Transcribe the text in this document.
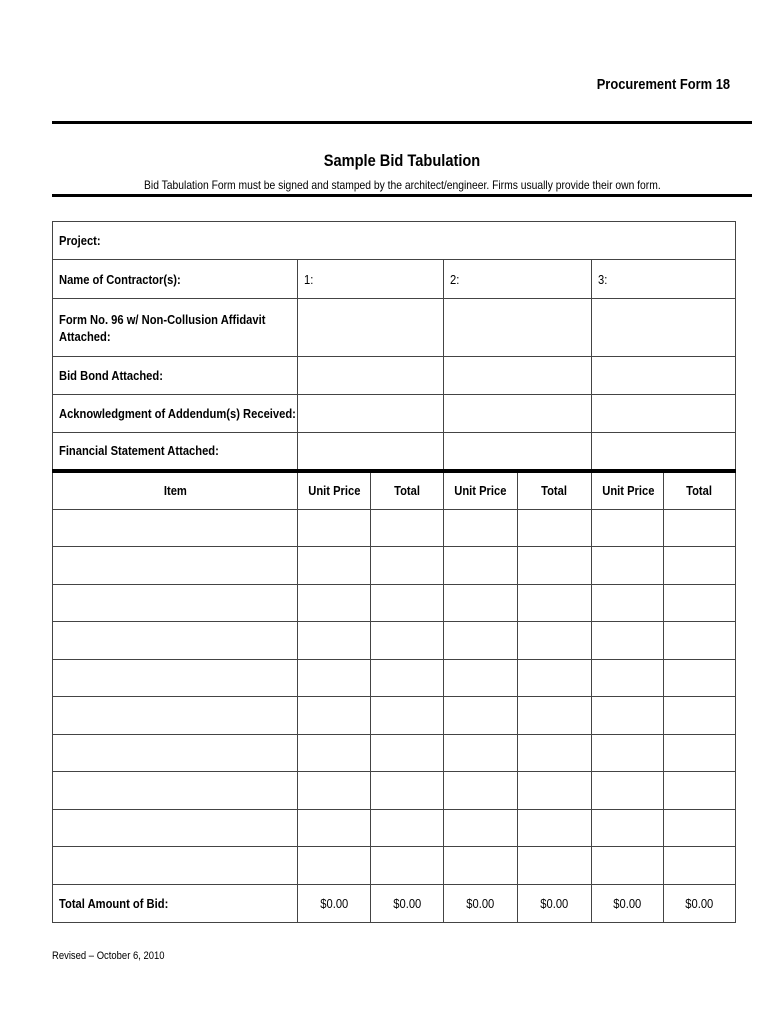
Procurement Form 18
Sample Bid Tabulation
Bid Tabulation Form must be signed and stamped by the architect/engineer. Firms usually provide their own form.
Project:						
Name of Contractor(s):	1:		2:		3:	
Form No. 96 w/ Non-Collusion Affidavit Attached:						
Bid Bond Attached:						
Acknowledgment of Addendum(s) Received:						
Financial Statement Attached:						
Item	Unit Price	Total	Unit Price	Total	Unit Price	Total

Total Amount of Bid:	$0.00	$0.00	$0.00	$0.00	$0.00	$0.00
Revised – October 6, 2010
